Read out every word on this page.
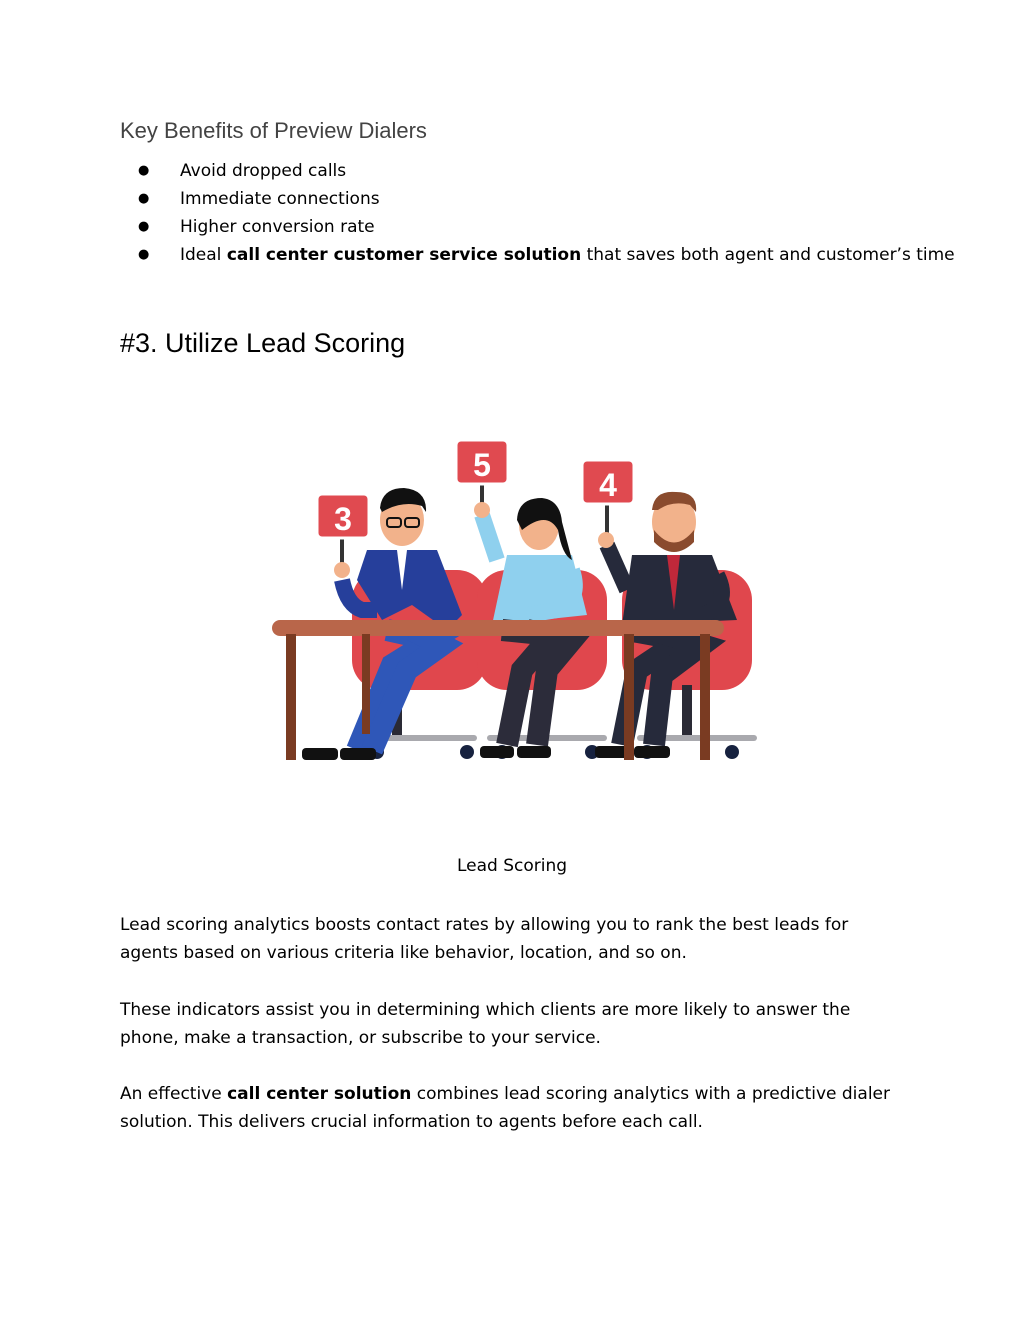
Key Benefits of Preview Dialers
● Avoid dropped calls
● Immediate connections
● Higher conversion rate
● Ideal call center customer service solution that saves both agent and customer’s time
#3. Utilize Lead Scoring
3
5
4
Lead Scoring

Lead scoring analytics boosts contact rates by allowing you to rank the best leads for agents based on various criteria like behavior, location, and so on.

These indicators assist you in determining which clients are more likely to answer the phone, make a transaction, or subscribe to your service.

An effective call center solution combines lead scoring analytics with a predictive dialer solution. This delivers crucial information to agents before each call.
